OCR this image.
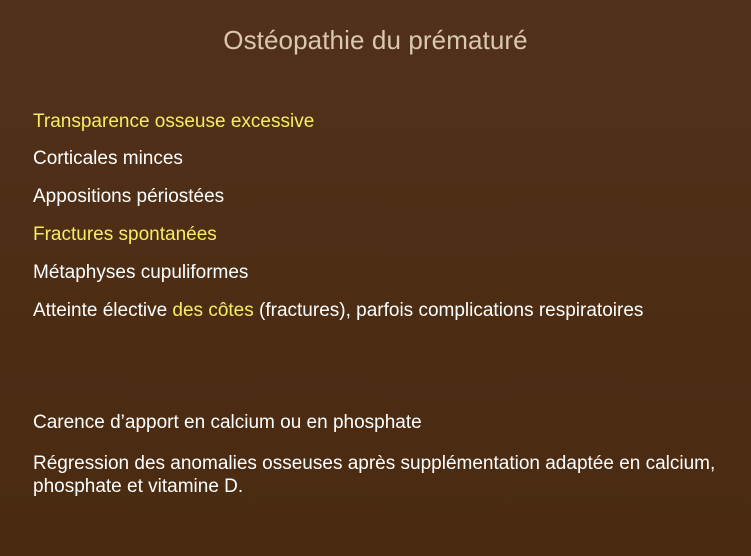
Ostéopathie du prématuré
Transparence osseuse excessive
Corticales minces
Appositions périostées
Fractures spontanées
Métaphyses cupuliformes
Atteinte élective des côtes (fractures), parfois complications respiratoires
Carence d’apport en calcium ou en phosphate
Régression des anomalies osseuses après supplémentation adaptée en calcium, phosphate et vitamine D.
